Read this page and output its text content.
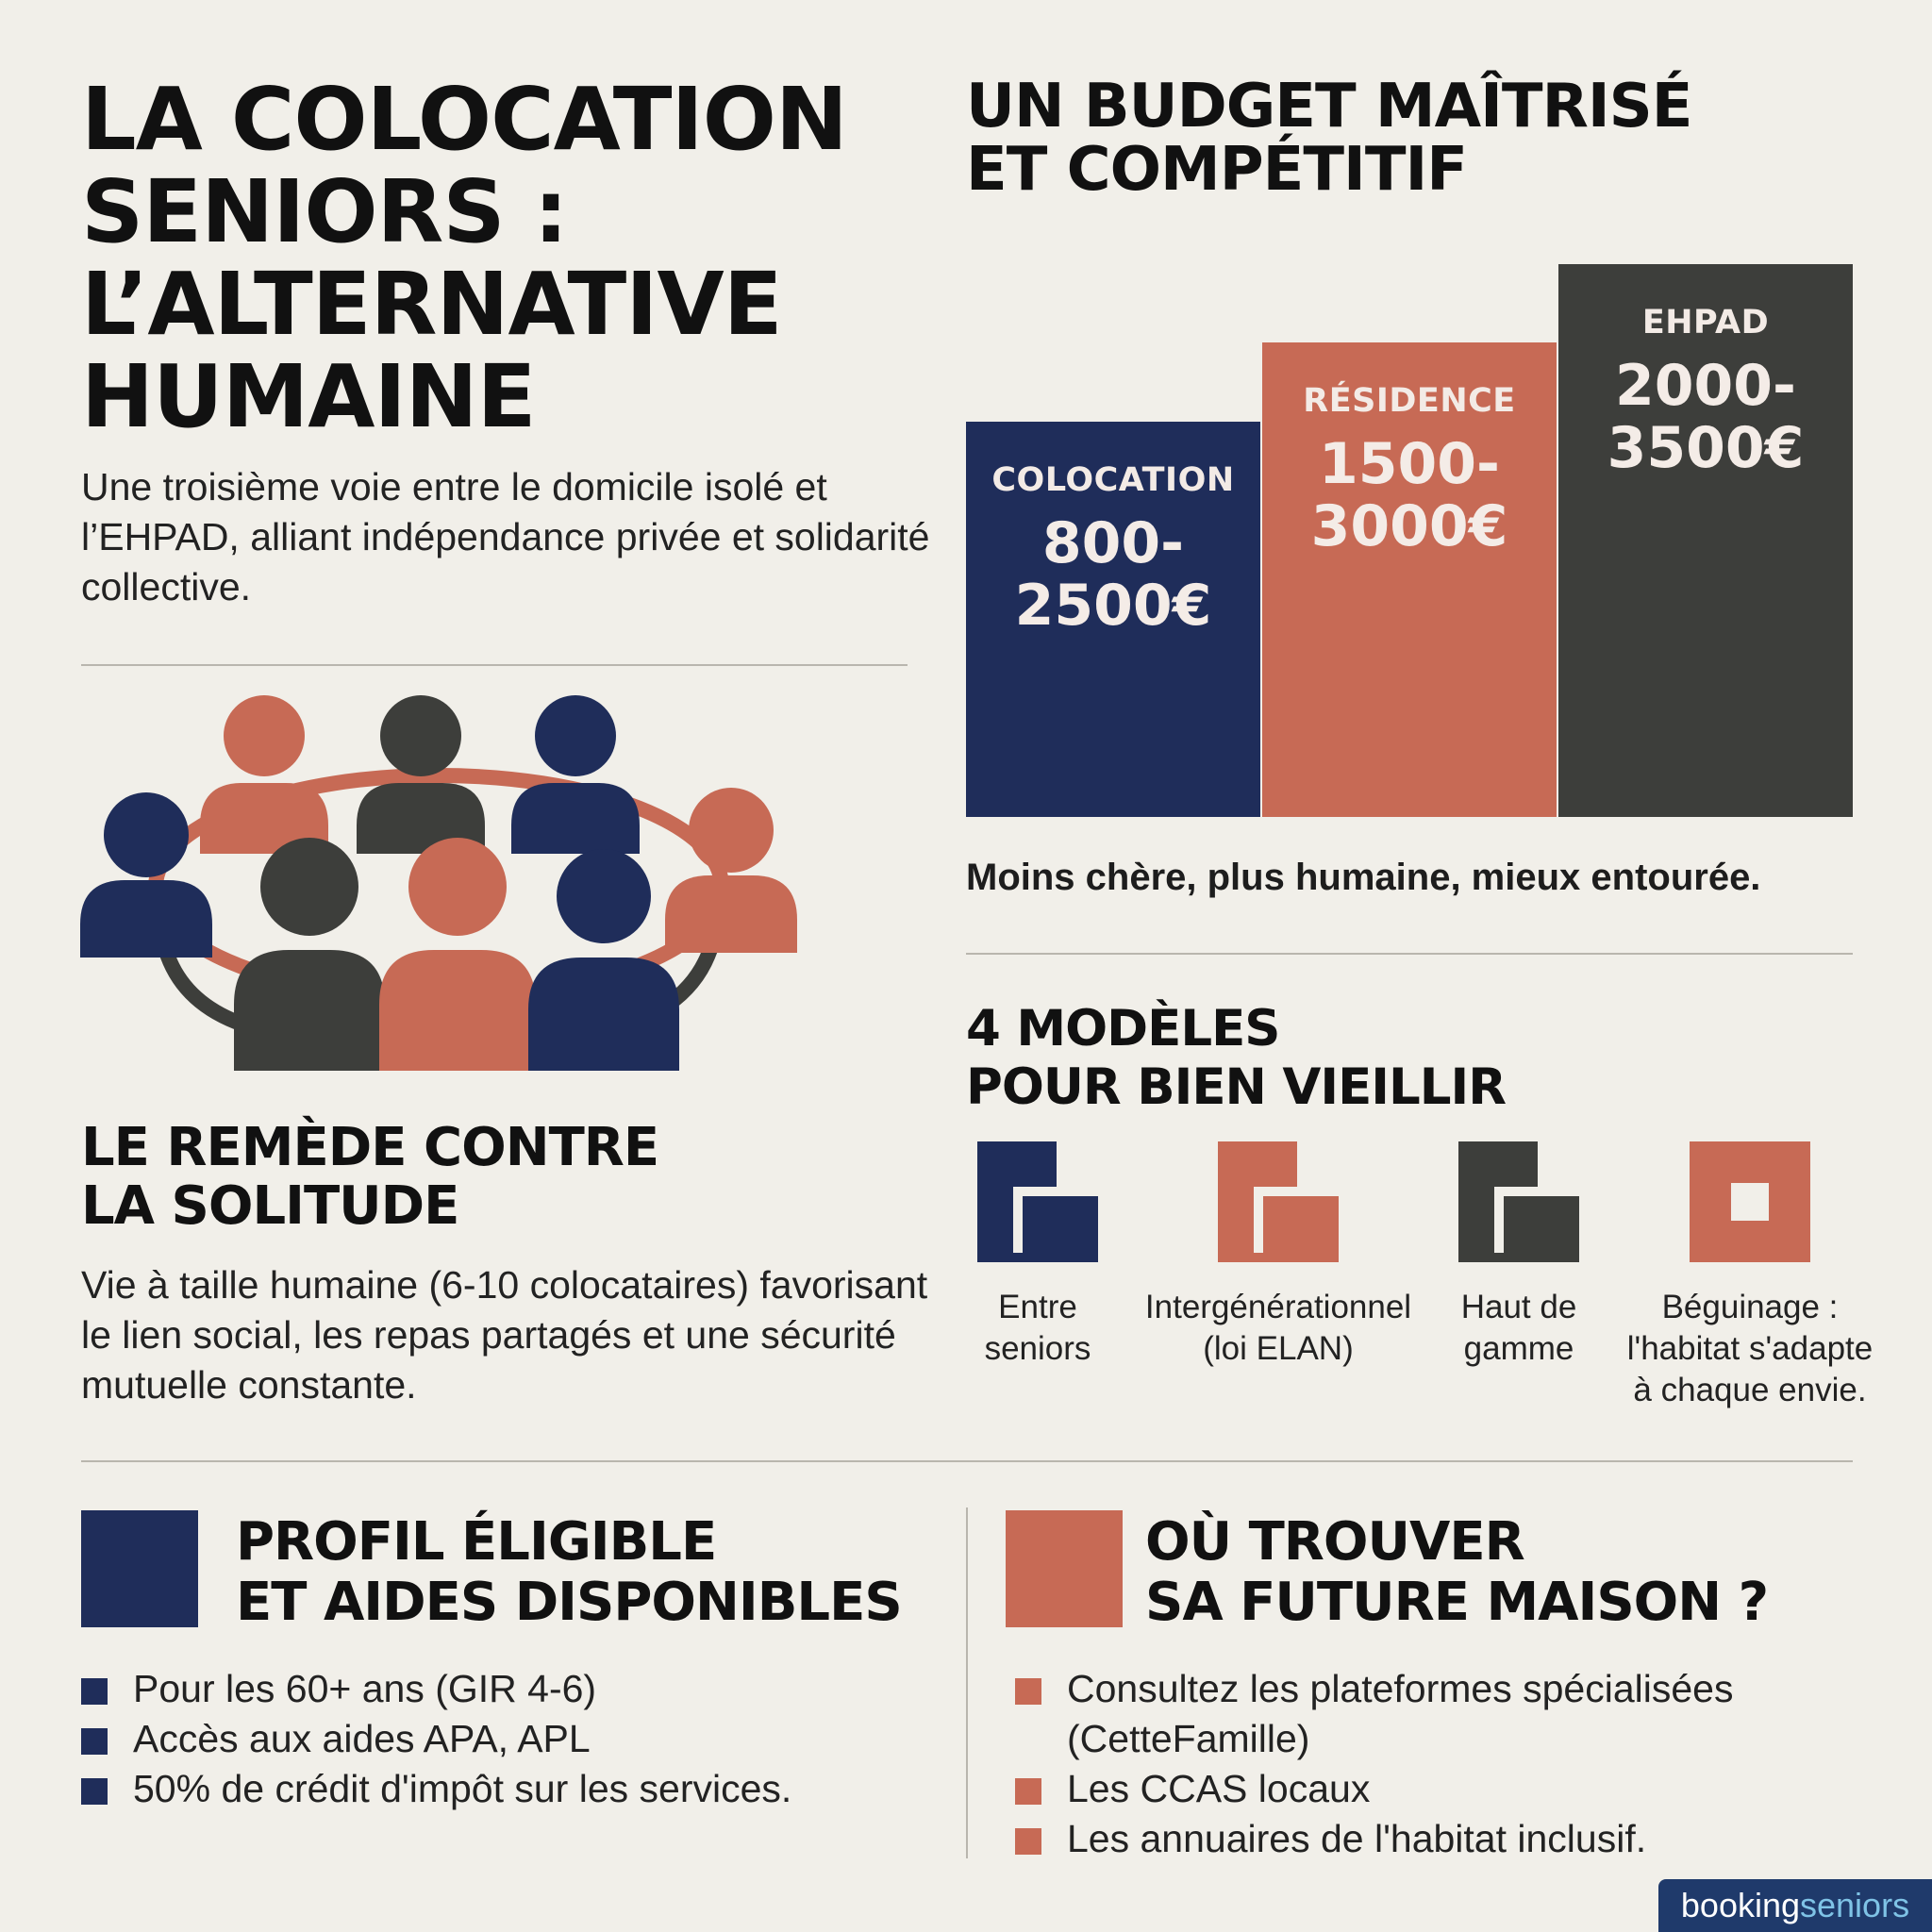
LA COLOCATION
SENIORS :
L’ALTERNATIVE
HUMAINE
Une troisième voie entre le domicile isolé et l’EHPAD, alliant indépendance privée et solidarité collective.
LE REMÈDE CONTRE
LA SOLITUDE
Vie à taille humaine (6-10 colocataires) favorisant le lien social, les repas partagés et une sécurité mutuelle constante.
UN BUDGET MAÎTRISÉ
ET COMPÉTITIF
COLOCATION
800-
2500€
RÉSIDENCE
1500-
3000€
EHPAD
2000-
3500€
Moins chère, plus humaine, mieux entourée.
4 MODÈLES
POUR BIEN VIEILLIR
Entre
seniors
Intergénérationnel
(loi ELAN)
Haut de
gamme
Béguinage :
l'habitat s'adapte
à chaque envie.
PROFIL ÉLIGIBLE
ET AIDES DISPONIBLES
Pour les 60+ ans (GIR 4-6)
Accès aux aides APA, APL
50% de crédit d'impôt sur les services.
OÙ TROUVER
SA FUTURE MAISON ?
Consultez les plateformes spécialisées (CetteFamille)
Les CCAS locaux
Les annuaires de l'habitat inclusif.
bookingseniors
